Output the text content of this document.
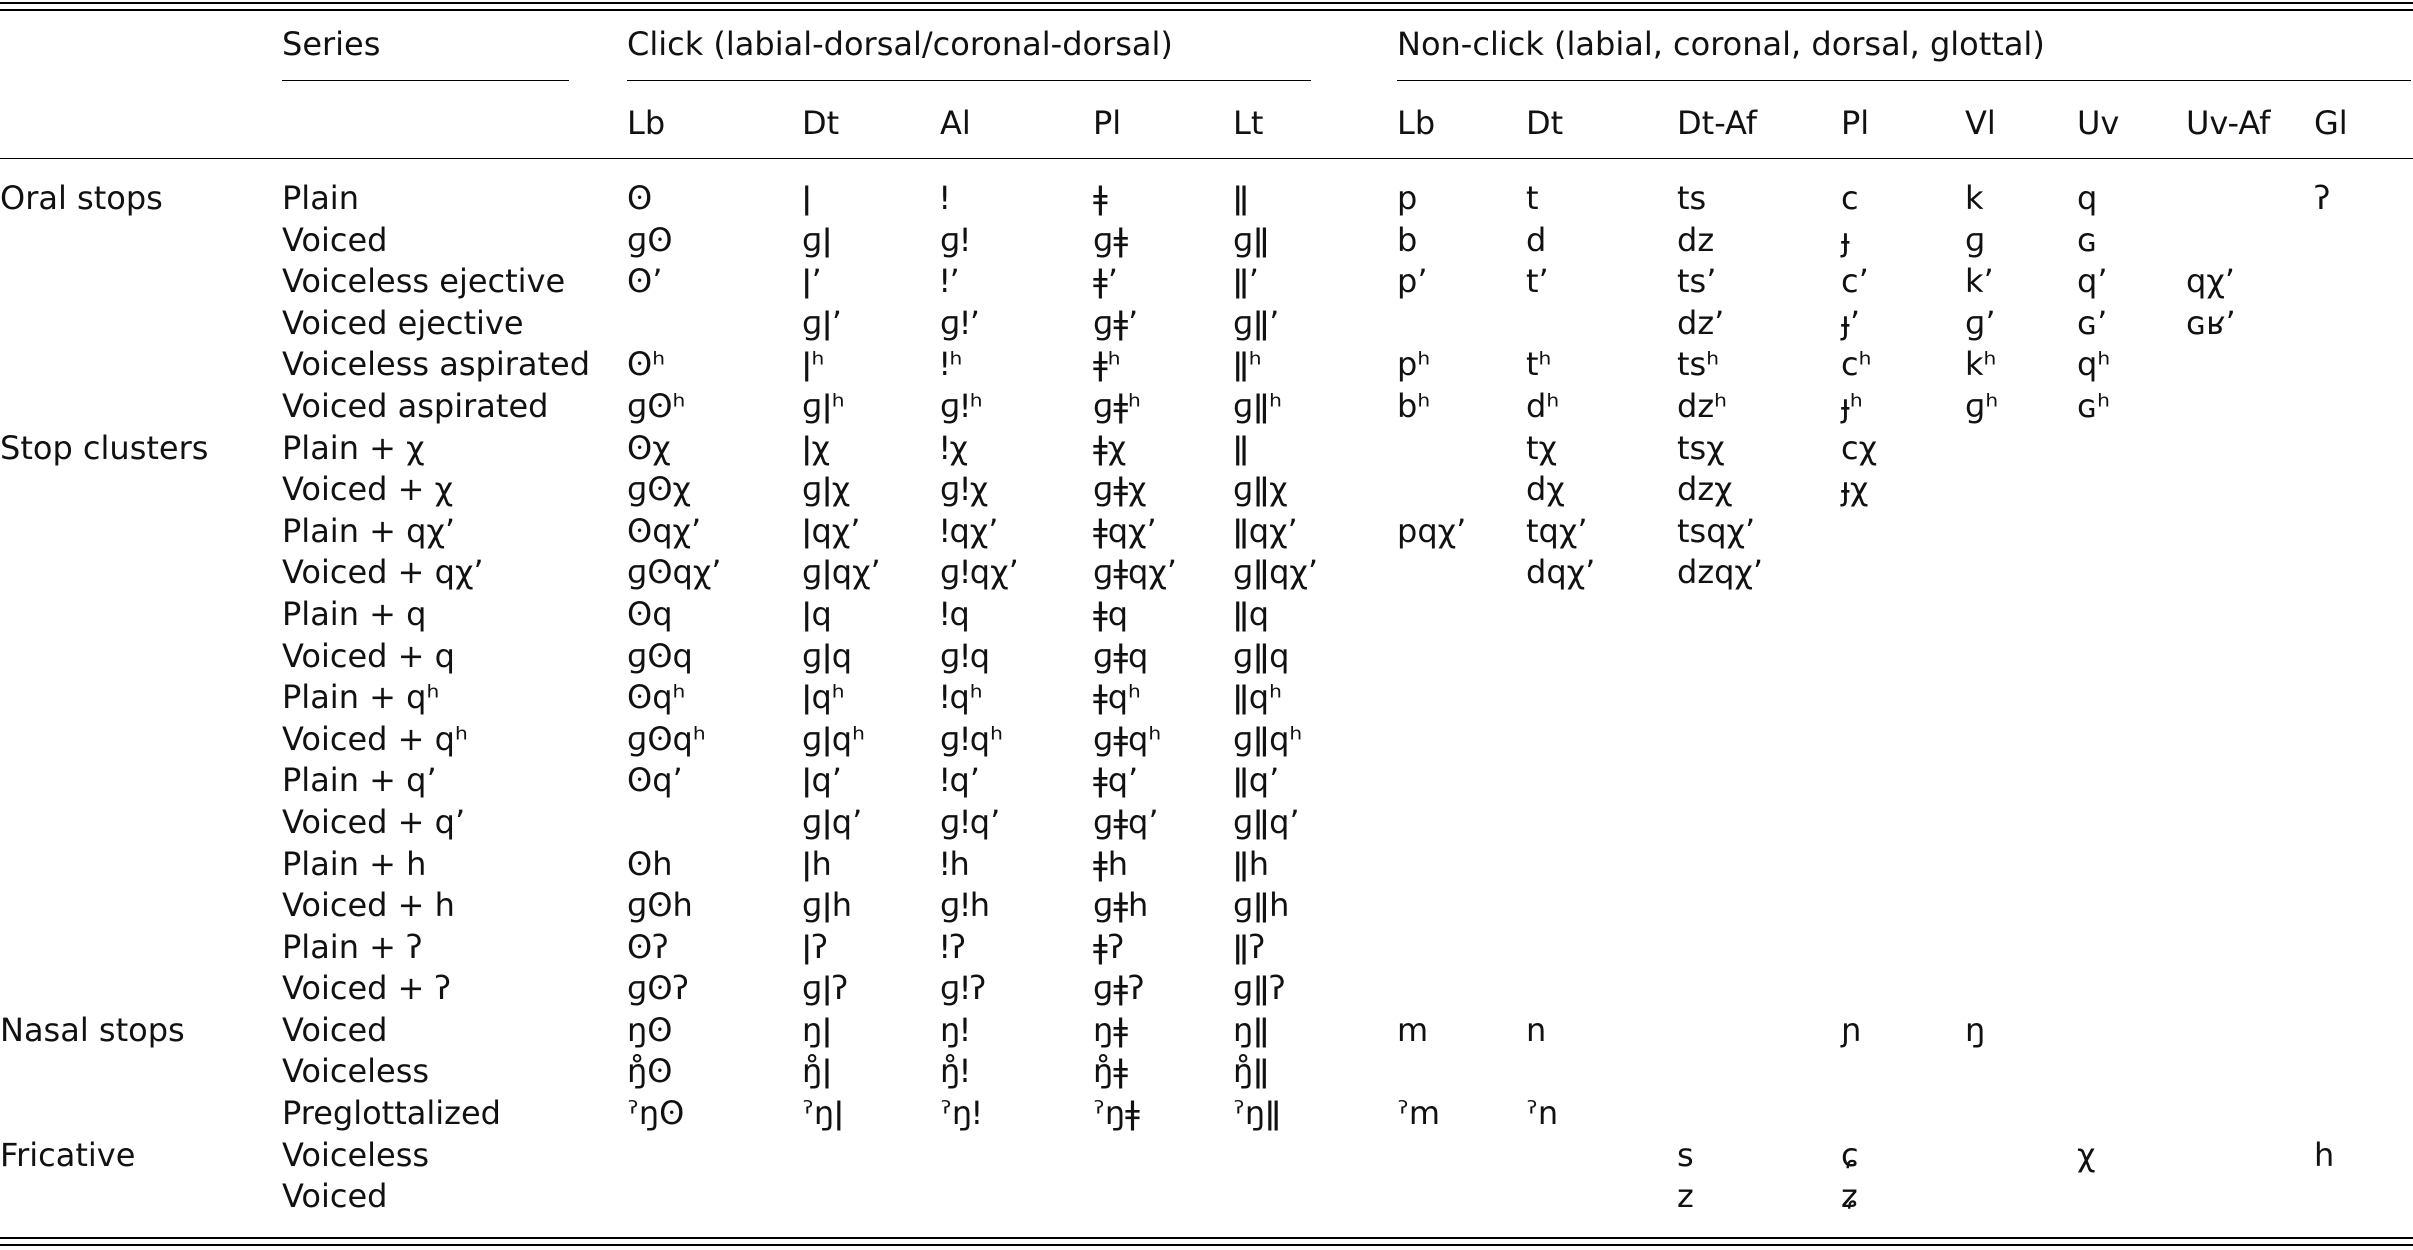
Series	Click (labial-dorsal/coronal-dorsal)	Non-click (labial, coronal, dorsal, glottal)
Lb	Dt	Al	Pl	Lt	Lb	Dt	Dt-Af	Pl	Vl	Uv Uv-Af Gl
Oral stops	Plain	ʘ	ǀ	ǃ	ǂ	ǁ	p	t	ts	c	k	q		ʔ
	Voiced	ɡʘ	ɡǀ	ɡǃ	ɡǂ	ɡǁ	b	d	dz	ɟ	ɡ	ɢ		
	Voiceless ejective	ʘʼ	ǀʼ	ǃʼ	ǂʼ	ǁʼ	pʼ	tʼ	tsʼ	cʼ	kʼ	qʼ	qχʼ	
	Voiced ejective		ɡǀʼ	ɡǃʼ	ɡǂʼ	ɡǁʼ			dzʼ	ɟʼ	ɡʼ	ɢʼ	ɢʁʼ	
	Voiceless aspirated	ʘʰ	ǀʰ	ǃʰ	ǂʰ	ǁʰ	pʰ	tʰ	tsʰ	cʰ	kʰ	qʰ		
	Voiced aspirated	ɡʘʰ	ɡǀʰ	ɡǃʰ	ɡǂʰ	ɡǁʰ	bʰ	dʰ	dzʰ	ɟʰ	ɡʰ	ɢʰ		
Stop clusters	Plain + χ	ʘχ	ǀχ	ǃχ	ǂχ	ǁ		tχ	tsχ	cχ				
	Voiced + χ	ɡʘχ	ɡǀχ	ɡǃχ	ɡǂχ	ɡǁχ		dχ	dzχ	ɟχ				
	Plain + qχʼ	ʘqχʼ	ǀqχʼ	ǃqχʼ	ǂqχʼ	ǁqχʼ	pqχʼ	tqχʼ	tsqχʼ					
	Voiced + qχʼ	ɡʘqχʼ	ɡǀqχʼ	ɡǃqχʼ	ɡǂqχʼ	ɡǁqχʼ		dqχʼ	dzqχʼ					
	Plain + q	ʘq	ǀq	ǃq	ǂq	ǁq								
	Voiced + q	ɡʘq	ɡǀq	ɡǃq	ɡǂq	ɡǁq								
	Plain + qʰ	ʘqʰ	ǀqʰ	ǃqʰ	ǂqʰ	ǁqʰ								
	Voiced + qʰ	ɡʘqʰ	ɡǀqʰ	ɡǃqʰ	ɡǂqʰ	ɡǁqʰ								
	Plain + qʼ	ʘqʼ	ǀqʼ	ǃqʼ	ǂqʼ	ǁqʼ								
	Voiced + qʼ		ɡǀqʼ	ɡǃqʼ	ɡǂqʼ	ɡǁqʼ								
	Plain + h	ʘh	ǀh	ǃh	ǂh	ǁh								
	Voiced + h	ɡʘh	ɡǀh	ɡǃh	ɡǂh	ɡǁh								
	Plain + ʔ	ʘʔ	ǀʔ	ǃʔ	ǂʔ	ǁʔ								
	Voiced + ʔ	ɡʘʔ	ɡǀʔ	ɡǃʔ	ɡǂʔ	ɡǁʔ								
Nasal stops	Voiced	ŋʘ	ŋǀ	ŋǃ	ŋǂ	ŋǁ	m	n		ɲ	ŋ			
	Voiceless	ŋ̊ʘ	ŋ̊ǀ	ŋ̊ǃ	ŋ̊ǂ	ŋ̊ǁ								
	Preglottalized	ˀŋʘ	ˀŋǀ	ˀŋǃ	ˀŋǂ	ˀŋǁ	ˀm	ˀn						
Fricative	Voiceless								s	ɕ		χ		h
	Voiced								z	ʑ				
